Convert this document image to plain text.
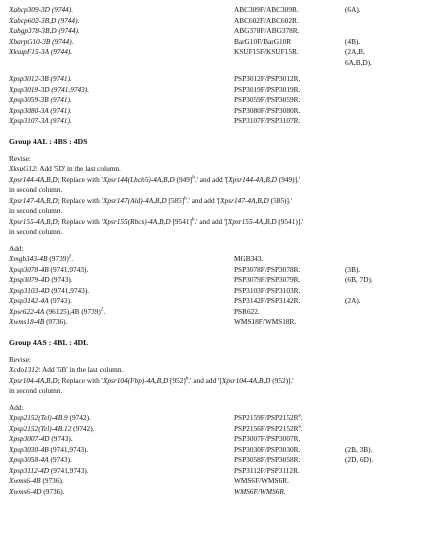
Xabcp309-3D (9744).	ABC309F/ABC309R.	(6A).
Xabcp602-3B,D (9744).	ABC602F/ABC602R.
Xabgp378-3B,D (9744).	ABG378F/ABG378R.
XbarpG10-3B (9744).	BarG10F/BarG10R	(4B).
XksupF15-3A (9744).	KSUF15F/KSUF15R.	(2A,B,
6A,B,D).
Xpsp3012-3B (9741).	PSP3012F/PSP3012R.
Xpsp3019-3D (9741,9743).	PSP3019F/PSP3019R.
Xpsp3059-3B (9741).	PSP3059F/PSP3059R.
Xpsp3080-3A (9741).	PSP3080F/PSP3080R.
Xpsp3107-3A (9741).	PSP3107F/PSP3107R.
Group 4AL : 4BS : 4DS
Revise:
XksuG12: Add '5D' in the last column.
Xpsr144-4A,B,D; Replace with 'Xpsr144(Lhcb5)-4A,B,D (949]$^b$.' and add '[Xpsr144-4A,B,D (949)].'
in second column.
Xpsr147-4A,B,D; Replace with 'Xpsr147(Ald)-4A,B,D $[585]^b.'$ and add '[Xpsr147-4A,B,D (585)].'
in second column.
Xpsr155-4A,B,D; Replace with 'Xpsr155(Rbcs)-4A,B,D $[9541]^b.'$ and add '[Xpsr155-4A,B,D (9541)].'
in second column.
Add:
Xmgb343-4B $(9739)^2$.	MGB343.
Xpsp3078-4B (9741,9743).	PSP3078F/PSP3078R.	(3B).
Xpsp3079-4D (9743).	PSP3079F/PSP3079R.	(6B, 7D).
Xpsp3103-4D (9741,9743).	PSP3103F/PSP3103R.
Xpsp3142-4A (9743).	PSP3142F/PSP3142R.	(2A).
Xpsr622-4A (96125),4B $(9739)^2$.	PSR622.
Xwms18-4B (9736).	WMS18F/WMS18R.
Group 4AS : 4BL : 4DL
Revise:
Xcdo1312: Add '5B' in the last column.
Xpsr104-4A,B,D; Replace with 'Xpsr104(Fbp)-4A,B,D $[952]^b.'$ and add '[Xpsr104-4A,B,D (952)].'
in second column.
Add:
Xpsp2152(Tel)-4B.9 (9742).	$PSP2159F/PSP2152R^a$.
Xpsp2152(Tel)-4B.12 (9742).	$PSP2156F/PSP2152R^a$.
Xpsp3007-4D (9743).	PSP3007F/PSP3007R.
Xpsp3030-4B (9741,9743).	PSP3030F/PSP3030R.	(2B, 3B).
Xpsp3058-4A (9743).	PSP3058F/PSP3058R.	(2D, 6D).
Xpsp3112-4D (9741,9743).	PSP3112F/PSP3112R.
Xwms6-4B (9736).	WMS6F/WMS6R.
Xwms6-4D (9736).	WMS6F/WMS6R.
